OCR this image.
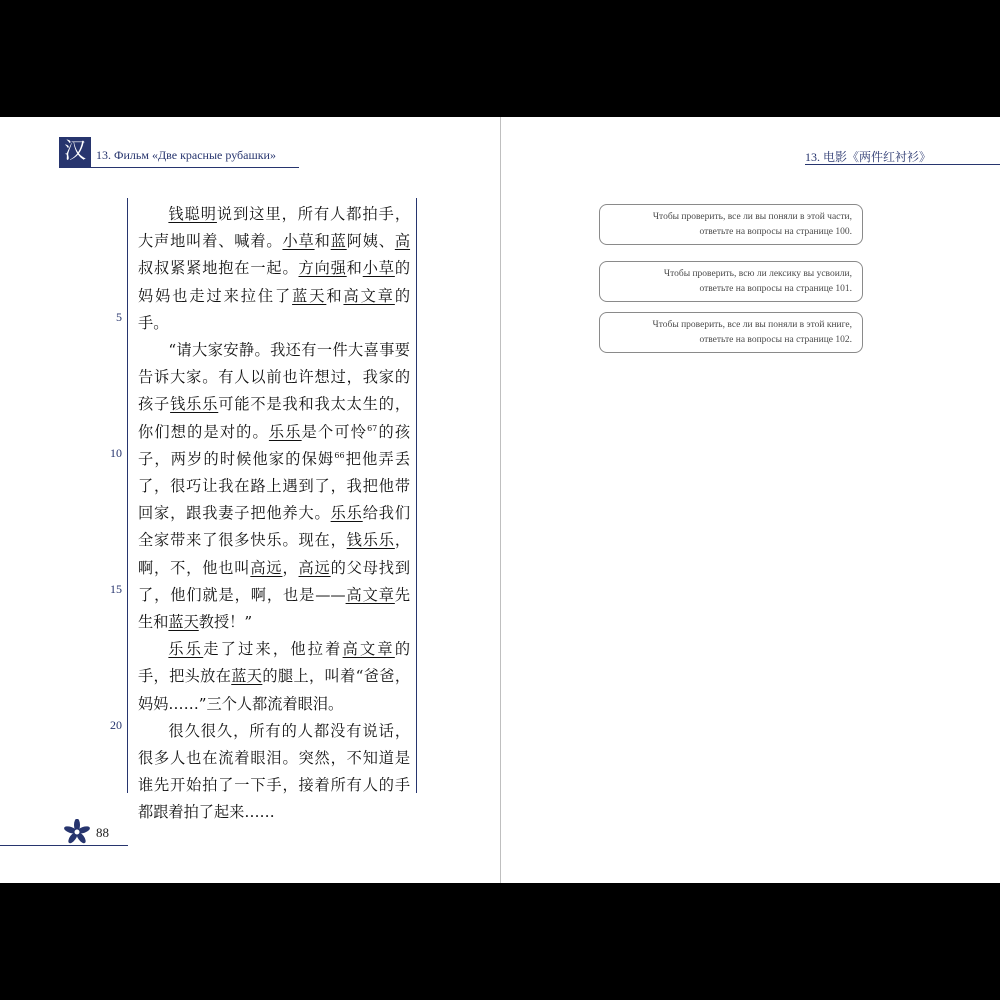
汉 13. Фильм «Две красные рубашки»	13. 电影《两件红衬衫》

钱聪明说到这里，所有人都拍手，大声地叫着、喊着。小草和蓝阿姨、高叔叔紧紧地抱在一起。方向强和小草的妈妈也走过来拉住了蓝天和高文章的手。

“请大家安静。我还有一件大喜事要告诉大家。有人以前也许想过，我家的孩子钱乐乐可能不是我和我太太生的，你们想的是对的。乐乐是个可怜$^{67}$的孩子，两岁的时候他家的保姆$^{66}$把他弄丢了，很巧让我在路上遇到了，我把他带回家，跟我妻子把他养大。乐乐给我们全家带来了很多快乐。现在，钱乐乐，啊，不，他也叫高远，高远的父母找到了，他们就是，啊，也是——高文章先生和蓝天教授！”

乐乐走了过来，他拉着高文章的手，把头放在蓝天的腿上，叫着“爸爸，妈妈……”三个人都流着眼泪。

很久很久，所有的人都没有说话，很多人也在流着眼泪。突然，不知道是谁先开始拍了一下手，接着所有人的手都跟着拍了起来……

5
10
15
20
88
Чтобы проверить, все ли вы поняли в этой части,
ответьте на вопросы на странице 100.
Чтобы проверить, всю ли лексику вы усвоили,
ответьте на вопросы на странице 101.
Чтобы проверить, все ли вы поняли в этой книге,
ответьте на вопросы на странице 102.
